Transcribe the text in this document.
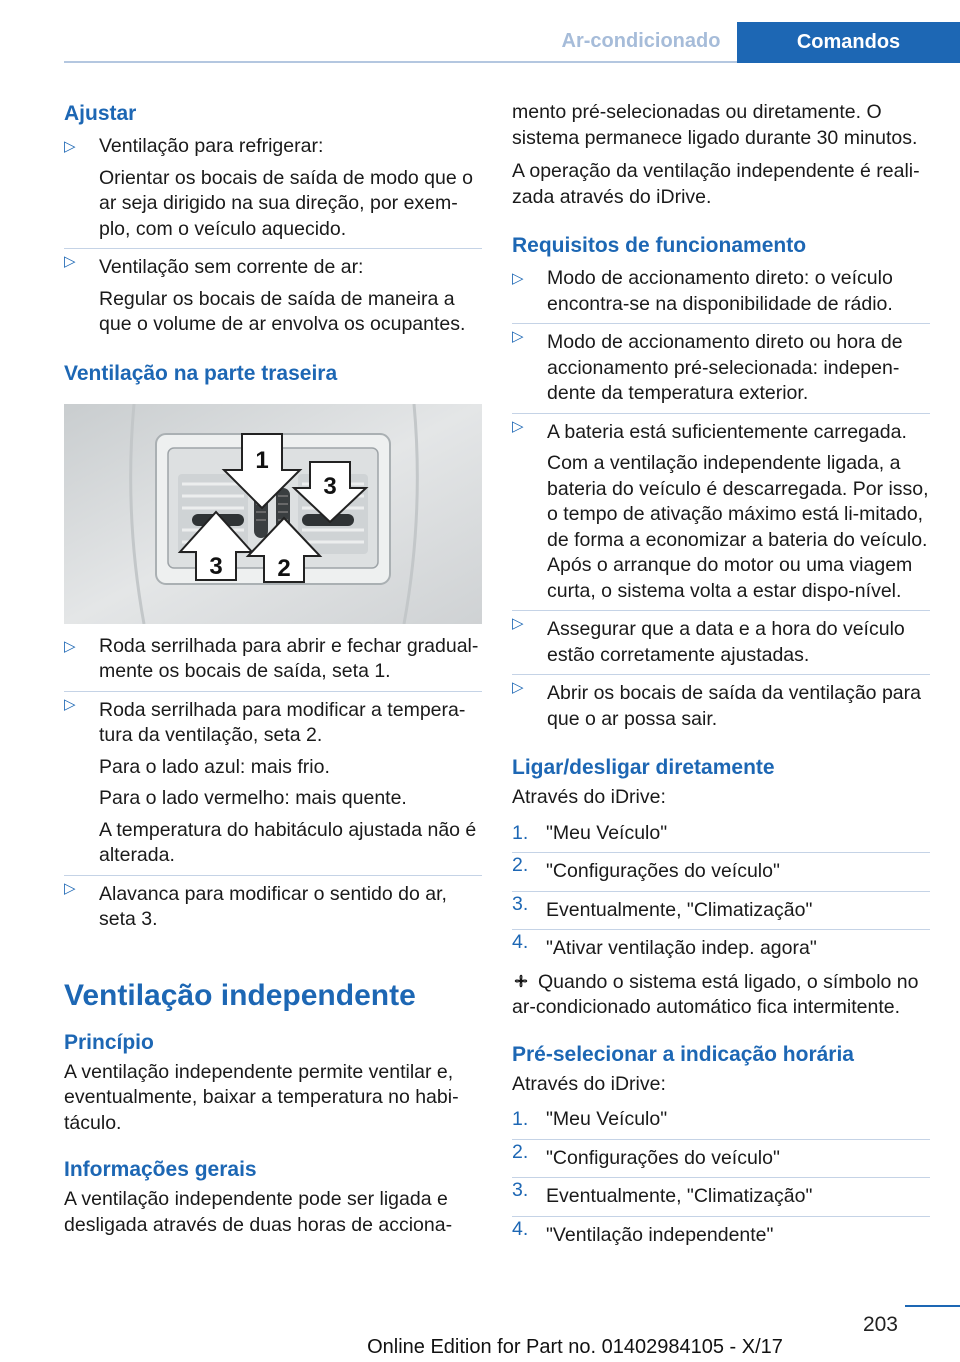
Ar-condicionado	Comandos
Ajustar
▷ Ventilação para refrigerar:
Orientar os bocais de saída de modo que o ar seja dirigido na sua direção, por exem‐plo, com o veículo aquecido.
▷ Ventilação sem corrente de ar:
Regular os bocais de saída de maneira a que o volume de ar envolva os ocupantes.
Ventilação na parte traseira
1
2
3
3
▷ Roda serrilhada para abrir e fechar gradual‐mente os bocais de saída, seta 1.
▷ Roda serrilhada para modificar a tempera‐tura da ventilação, seta 2.
Para o lado azul: mais frio.
Para o lado vermelho: mais quente.
A temperatura do habitáculo ajustada não é alterada.
▷ Alavanca para modificar o sentido do ar, seta 3.
Ventilação independente
Princípio

A ventilação independente permite ventilar e, eventualmente, baixar a temperatura no habi‐táculo.

Informações gerais

A ventilação independente pode ser ligada e desligada através de duas horas de acciona‐

mento pré-selecionadas ou diretamente. O sistema permanece ligado durante 30 minutos.

A operação da ventilação independente é reali‐zada através do iDrive.

Requisitos de funcionamento
▷ Modo de accionamento direto: o veículo encontra-se na disponibilidade de rádio.
▷ Modo de accionamento direto ou hora de accionamento pré-selecionada: indepen‐dente da temperatura exterior.
▷ A bateria está suficientemente carregada.
Com a ventilação independente ligada, a bateria do veículo é descarregada. Por isso, o tempo de ativação máximo está li‐mitado, de forma a economizar a bateria do veículo. Após o arranque do motor ou uma viagem curta, o sistema volta a estar dispo‐nível.
▷ Assegurar que a data e a hora do veículo estão corretamente ajustadas.
▷ Abrir os bocais de saída da ventilação para que o ar possa sair.
Ligar/desligar diretamente

Através do iDrive:

1. "Meu Veículo"
2. "Configurações do veículo"
3. Eventualmente, "Climatização"
4. "Ativar ventilação indep. agora"

Quando o sistema está ligado, o símbolo no ar-condicionado automático fica intermitente.

Pré-selecionar a indicação horária

Através do iDrive:

1. "Meu Veículo"
2. "Configurações do veículo"
3. Eventualmente, "Climatização"
4. "Ventilação independente"
203
Online Edition for Part no. 01402984105 - X/17
